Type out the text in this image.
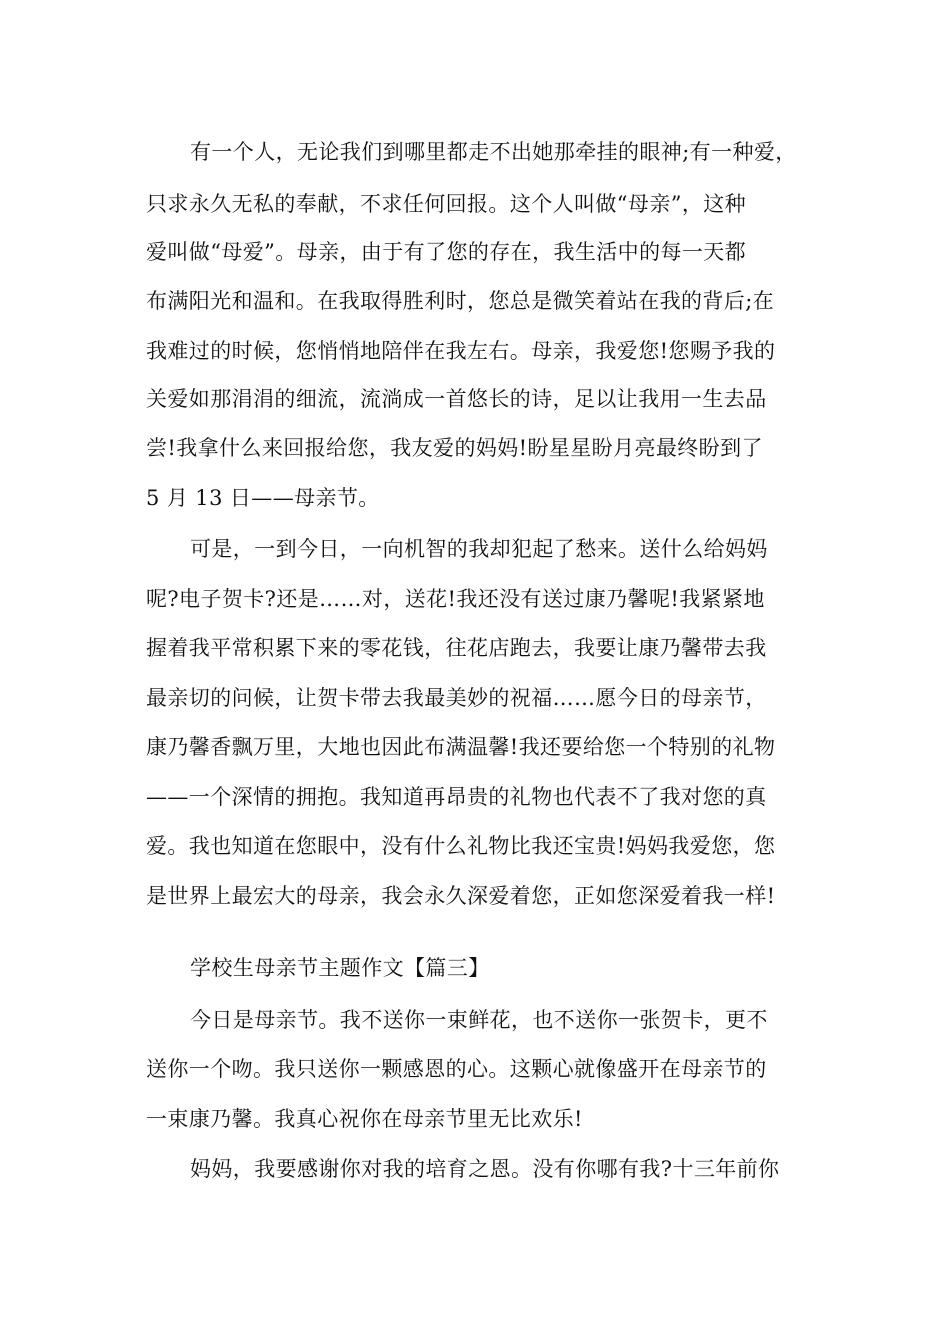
有一个人，无论我们到哪里都走不出她那牵挂的眼神;有一种爱，
只求永久无私的奉献，不求任何回报。这个人叫做“母亲”，这种
爱叫做“母爱”。母亲，由于有了您的存在，我生活中的每一天都
布满阳光和温和。在我取得胜利时，您总是微笑着站在我的背后;在
我难过的时候，您悄悄地陪伴在我左右。母亲，我爱您!您赐予我的
关爱如那涓涓的细流，流淌成一首悠长的诗，足以让我用一生去品
尝!我拿什么来回报给您，我友爱的妈妈!盼星星盼月亮最终盼到了
5 月 13 日——母亲节。
可是，一到今日，一向机智的我却犯起了愁来。送什么给妈妈
呢?电子贺卡?还是……对，送花!我还没有送过康乃馨呢!我紧紧地
握着我平常积累下来的零花钱，往花店跑去，我要让康乃馨带去我
最亲切的问候，让贺卡带去我最美妙的祝福……愿今日的母亲节，
康乃馨香飘万里，大地也因此布满温馨!我还要给您一个特别的礼物
——一个深情的拥抱。我知道再昂贵的礼物也代表不了我对您的真
爱。我也知道在您眼中，没有什么礼物比我还宝贵!妈妈我爱您，您
是世界上最宏大的母亲，我会永久深爱着您，正如您深爱着我一样!
学校生母亲节主题作文【篇三】
今日是母亲节。我不送你一束鲜花，也不送你一张贺卡，更不
送你一个吻。我只送你一颗感恩的心。这颗心就像盛开在母亲节的
一束康乃馨。我真心祝你在母亲节里无比欢乐!
妈妈，我要感谢你对我的培育之恩。没有你哪有我?十三年前你
